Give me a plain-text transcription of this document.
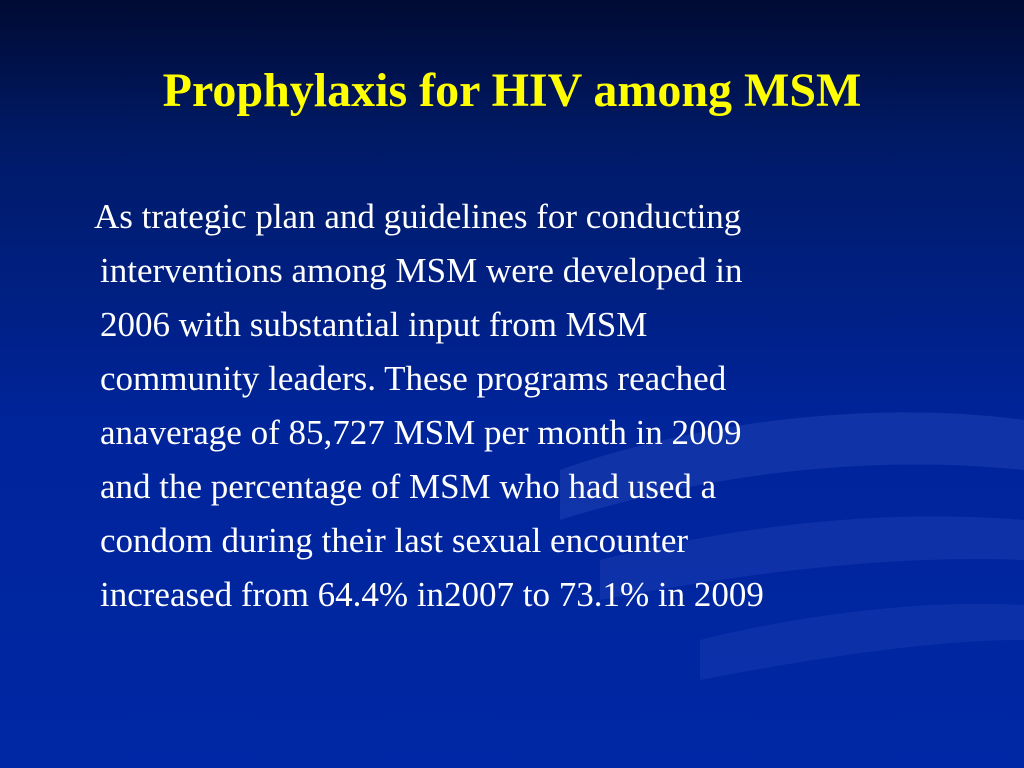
Prophylaxis for HIV among MSM
As trategic plan and guidelines for conducting
interventions among MSM were developed in
2006 with substantial input from MSM
community leaders. These programs reached
anaverage of 85,727 MSM per month in 2009
and the percentage of MSM who had used a
condom during their last sexual encounter
increased from 64.4% in2007 to 73.1% in 2009
